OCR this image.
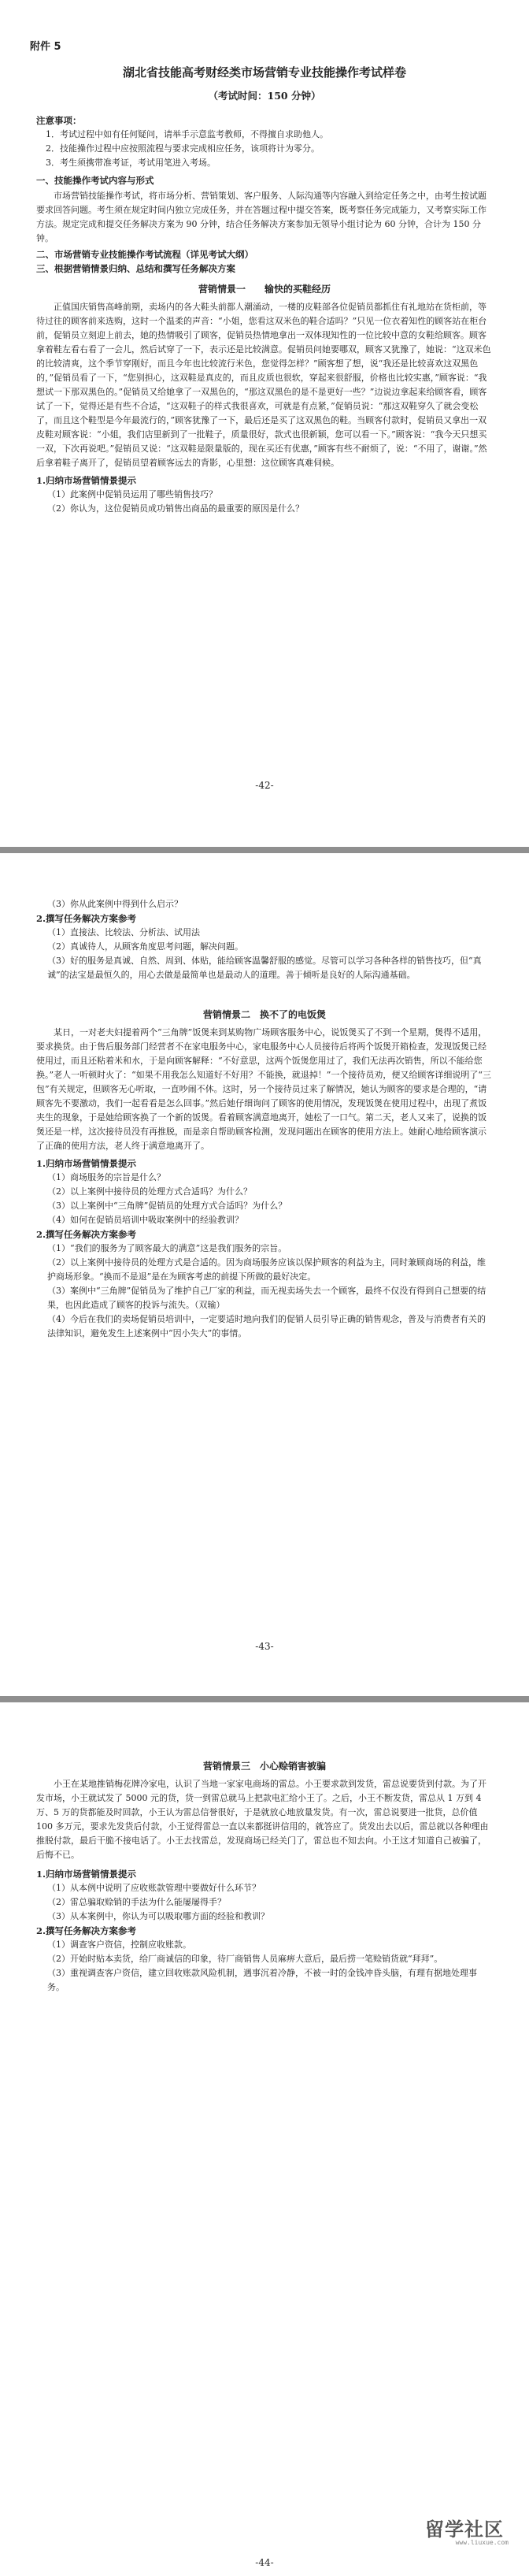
附件 5
湖北省技能高考财经类市场营销专业技能操作考试样卷
（考试时间：150 分钟）
注意事项：
1．考试过程中如有任何疑问，请举手示意监考教师，不得擅自求助他人。
2．技能操作过程中应按照流程与要求完成相应任务，该项将计为零分。
3．考生须携带准考证，考试用笔进入考场。
一、技能操作考试内容与形式

市场营销技能操作考试，将市场分析、营销策划、客户服务、人际沟通等内容融入到给定任务之中，由考生按试题要求回答问题。考生须在规定时间内独立完成任务，并在答题过程中提交答案，既考察任务完成能力，又考察实际工作方法。规定完成和提交任务解决方案为 90 分钟，结合任务解决方案参加无领导小组讨论为 60 分钟，合计为 150 分钟。

二、市场营销专业技能操作考试流程（详见考试大纲）
三、根据营销情景归纳、总结和撰写任务解决方案
营销情景一　　输快的买鞋经历

正值国庆销售高峰前期，卖场内的各大鞋头前都人潮涌动，一楼的皮鞋部各位促销员都抓住有礼地站在货柜前，等待过往的顾客前来选购，这时一个温柔的声音：“小姐，您看这双米色的鞋合适吗？”只见一位衣着知性的顾客站在柜台前，促销员立刻迎上前去，她的热情吸引了顾客，促销员热情地拿出一双体现知性的一位比较中意的女鞋给顾客。顾客拿着鞋左看右看了一会儿，然后试穿了一下，表示还是比较满意。促销员问她要哪双，顾客又犹豫了，她说：“这双米色的比较清爽，这个季节穿刚好，而且今年也比较流行米色，您觉得怎样？”顾客想了想，说“我还是比较喜欢这双黑色的，”促销员看了一下，“您别担心，这双鞋是真皮的，而且皮质也很软，穿起来很舒服，价格也比较实惠，”顾客说：“我想试一下那双黑色的。”促销员又给她拿了一双黑色的，“那这双黑色的是不是更好一些？”边说边拿起来给顾客看，顾客试了一下，觉得还是有些不合适，“这双鞋子的样式我很喜欢，可就是有点紧，”促销员说：“那这双鞋穿久了就会变松了，而且这个鞋型是今年最流行的，”顾客犹豫了一下，最后还是买了这双黑色的鞋。当顾客付款时，促销员又拿出一双皮鞋对顾客说：“小姐，我们店里新到了一批鞋子，质量很好，款式也很新颖，您可以看一下。”顾客说：“我今天只想买一双，下次再说吧。”促销员又说：“这双鞋是限量版的，现在买还有优惠，”顾客有些不耐烦了，说：“不用了，谢谢。”然后拿着鞋子离开了，促销员望着顾客远去的背影，心里想：这位顾客真难伺候。

1.归纳市场营销情景提示
（1）此案例中促销员运用了哪些销售技巧？
（2）你认为，这位促销员成功销售出商品的最重要的原因是什么？
-42-
（3）你从此案例中得到什么启示？
2.撰写任务解决方案参考
（1）直接法、比较法、分析法、试用法
（2）真诚待人，从顾客角度思考问题，解决问题。
（3）好的服务是真诚、自然、周到、体贴，能给顾客温馨舒服的感觉。尽管可以学习各种各样的销售技巧，但“真诚”的法宝是最恒久的，用心去做是最简单也是最动人的道理。善于倾听是良好的人际沟通基础。
营销情景二　换不了的电饭煲

某日，一对老夫妇提着两个“三角牌”饭煲来到某购物广场顾客服务中心，说饭煲买了不到一个星期，煲得不适用，要求换货。由于售后服务部门经营者不在家电服务中心，家电服务中心人员接待后将两个饭煲开箱检查，发现饭煲已经使用过，而且还粘着米和水，于是向顾客解释：“不好意思，这两个饭煲您用过了，我们无法再次销售，所以不能给您换。”老人一听顿时火了：“如果不用我怎么知道好不好用？不能换，就退掉！”一个接待员劝，便又给顾客详细说明了“三包”有关规定，但顾客无心听取，一直吵闹不休。这时，另一个接待员过来了解情况，她认为顾客的要求是合理的，“请顾客先不要激动，我们一起看看是怎么回事。”然后她仔细询问了顾客的使用情况，发现饭煲在使用过程中，出现了煮饭夹生的现象，于是她给顾客换了一个新的饭煲。看着顾客满意地离开，她松了一口气。第二天，老人又来了，说换的饭煲还是一样，这次接待员没有再推脱，而是亲自帮助顾客检测，发现问题出在顾客的使用方法上。她耐心地给顾客演示了正确的使用方法，老人终于满意地离开了。

1.归纳市场营销情景提示
（1）商场服务的宗旨是什么？
（2）以上案例中接待员的处理方式合适吗？为什么？
（3）以上案例中“三角牌”促销员的处理方式合适吗？为什么？
（4）如何在促销员培训中吸取案例中的经验教训？
2.撰写任务解决方案参考
（1）“我们的服务为了顾客最大的满意”这是我们服务的宗旨。
（2）以上案例中接待员的处理方式是合适的。因为商场服务应该以保护顾客的利益为主，同时兼顾商场的利益，维护商场形象。“换而不是退”是在为顾客考虑的前提下所做的最好决定。
（3）案例中“三角牌”促销员为了维护自己厂家的利益，而无视卖场失去一个顾客，最终不仅没有得到自己想要的结果，也因此造成了顾客的投诉与流失。（双输）
（4）今后在我们的卖场促销员培训中，一定要适时地向我们的促销人员引导正确的销售观念，普及与消费者有关的法律知识，避免发生上述案例中“因小失大”的事情。
-43-
营销情景三　小心赊销害被骗

小王在某地推销梅花牌冷家电，认识了当地一家家电商场的雷总。小王要求款到发货，雷总说要货到付款。为了开发市场，小王就试发了 5000 元的货，货一到雷总就马上把款电汇给小王了。之后，小王不断发货，雷总从 1 万到 4 万、5 万的货都能及时回款，小王认为雷总信誉很好，于是就放心地放量发货。有一次，雷总说要进一批货，总价值 100 多万元，要求先发货后付款，小王觉得雷总一直以来都挺讲信用的，就答应了。货发出去以后，雷总就以各种理由推脱付款，最后干脆不接电话了。小王去找雷总，发现商场已经关门了，雷总也不知去向。小王这才知道自己被骗了，后悔不已。

1.归纳市场营销情景提示
（1）从本例中说明了应收账款管理中要做好什么环节？
（2）雷总骗取赊销的手法为什么能屡屡得手？
（3）从本案例中，你认为可以吸取哪方面的经验和教训？
2.撰写任务解决方案参考
（1）调查客户资信，控制应收账款。
（2）开始时贴本卖货，给厂商诚信的印象，待厂商销售人员麻痹大意后，最后捞一笔赊销货就“拜拜”。
（3）重视调查客户资信，建立回收账款风险机制，遇事沉着冷静，不被一时的金钱冲昏头脑，有理有据地处理事务。
留学社区
www.liuxue.com
-44-
